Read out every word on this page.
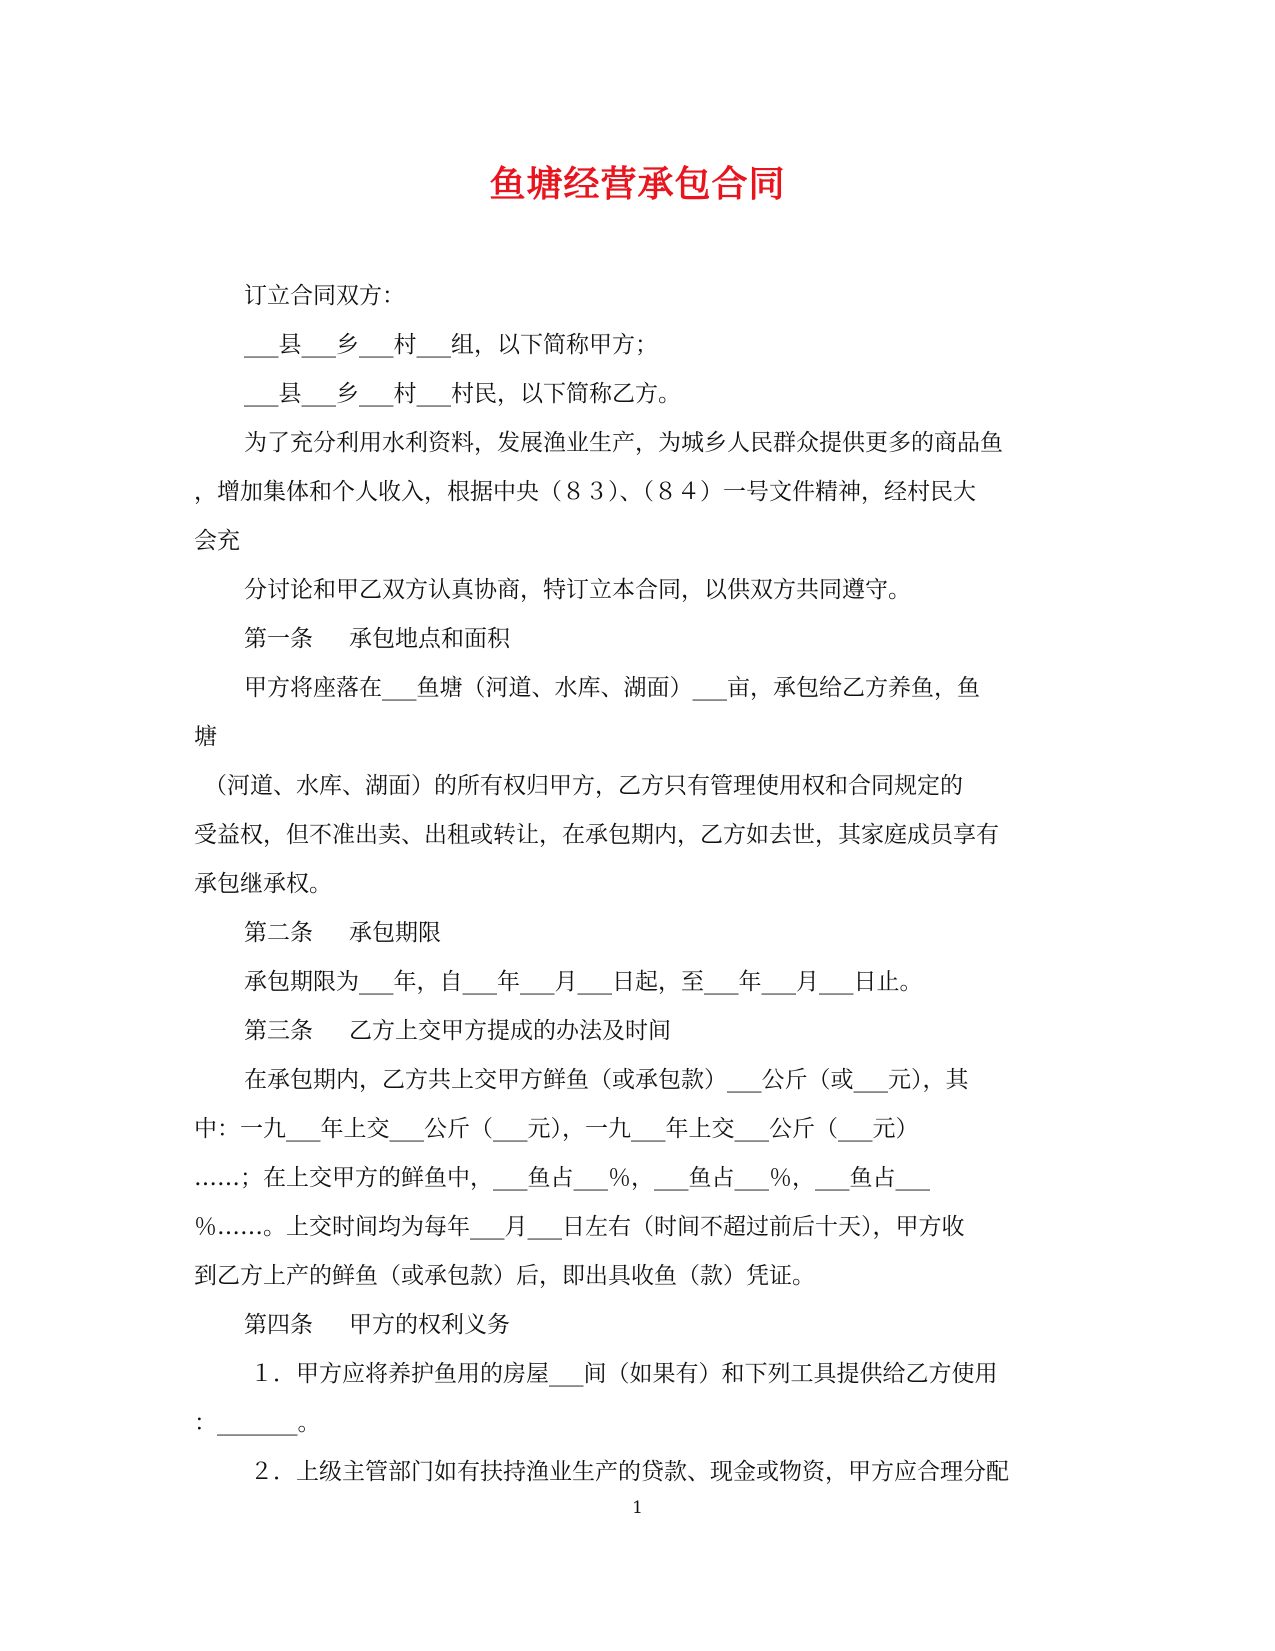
鱼塘经营承包合同

订立合同双方：

___县___乡___村___组，以下简称甲方；

___县___乡___村___村民，以下简称乙方。

为了充分利用水利资料，发展渔业生产，为城乡人民群众提供更多的商品鱼

，增加集体和个人收入，根据中央（８３）、（８４）一号文件精神，经村民大

会充

分讨论和甲乙双方认真协商，特订立本合同，以供双方共同遵守。

第一条 承包地点和面积

甲方将座落在___鱼塘（河道、水库、湖面）___亩，承包给乙方养鱼，鱼

塘

（河道、水库、湖面）的所有权归甲方，乙方只有管理使用权和合同规定的

受益权，但不准出卖、出租或转让，在承包期内，乙方如去世，其家庭成员享有

承包继承权。

第二条 承包期限

承包期限为___年，自___年___月___日起，至___年___月___日止。

第三条 乙方上交甲方提成的办法及时间

在承包期内，乙方共上交甲方鲜鱼（或承包款）___公斤（或___元），其

中：一九___年上交___公斤（___元），一九___年上交___公斤（___元）

……；在上交甲方的鲜鱼中，___鱼占___％，___鱼占___％，___鱼占___

％……。上交时间均为每年___月___日左右（时间不超过前后十天），甲方收

到乙方上产的鲜鱼（或承包款）后，即出具收鱼（款）凭证。

第四条 甲方的权利义务

１．甲方应将养护鱼用的房屋___间（如果有）和下列工具提供给乙方使用

：_______。

２．上级主管部门如有扶持渔业生产的贷款、现金或物资，甲方应合理分配

1
